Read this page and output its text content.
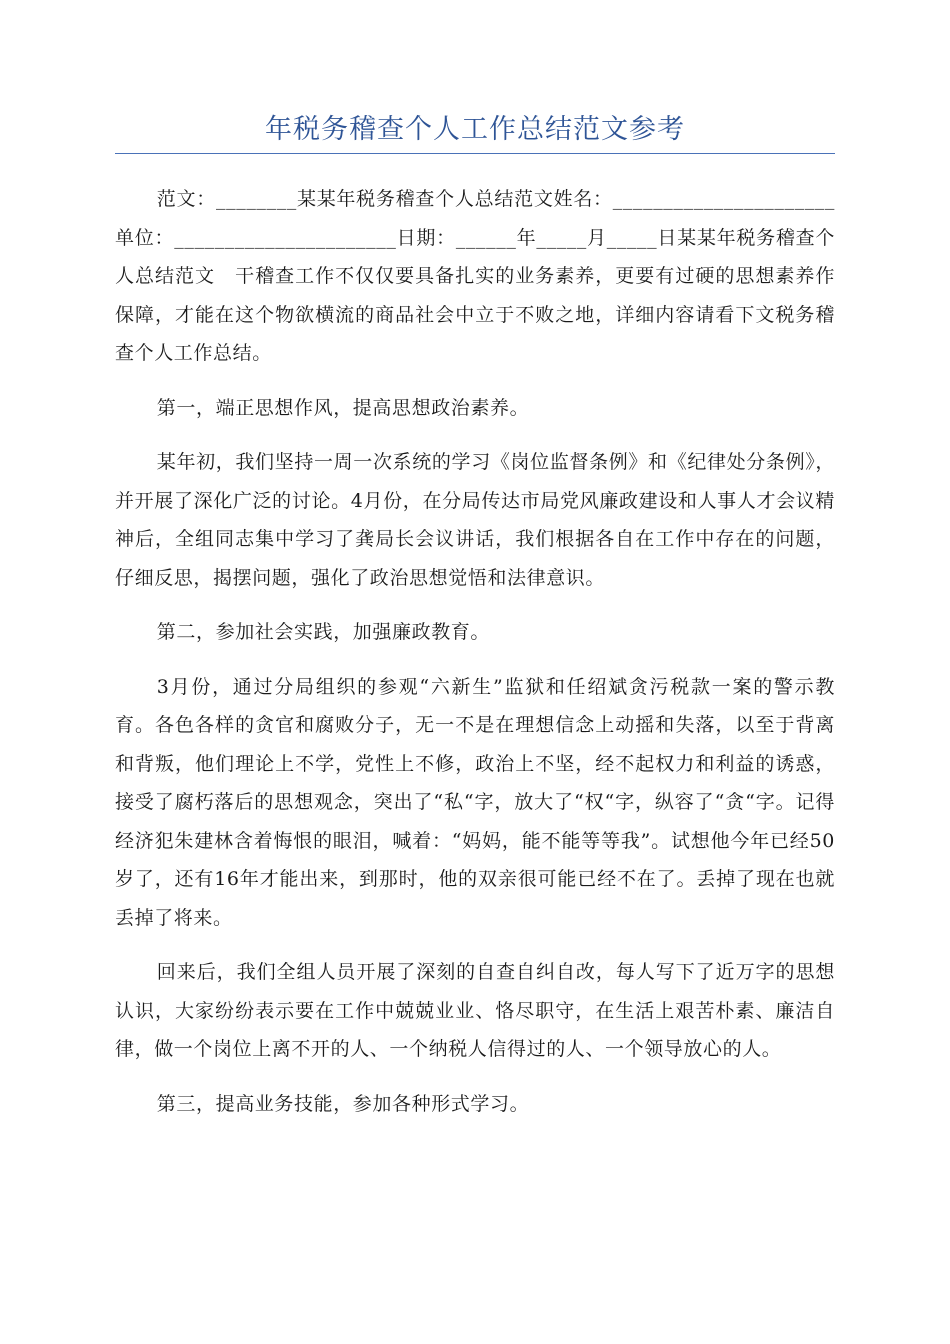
年税务稽查个人工作总结范文参考

范文：________某某年税务稽查个人总结范文姓名：______________________单位：______________________日期：______年_____月_____日某某年税务稽查个人总结范文　干稽查工作不仅仅要具备扎实的业务素养，更要有过硬的思想素养作保障，才能在这个物欲横流的商品社会中立于不败之地，详细内容请看下文税务稽查个人工作总结。

第一，端正思想作风，提高思想政治素养。

某年初，我们坚持一周一次系统的学习《岗位监督条例》和《纪律处分条例》，并开展了深化广泛的讨论。4月份，在分局传达市局党风廉政建设和人事人才会议精神后，全组同志集中学习了龚局长会议讲话，我们根据各自在工作中存在的问题，仔细反思，揭摆问题，强化了政治思想觉悟和法律意识。

第二，参加社会实践，加强廉政教育。

3月份，通过分局组织的参观“六新生”监狱和任绍斌贪污税款一案的警示教育。各色各样的贪官和腐败分子，无一不是在理想信念上动摇和失落，以至于背离和背叛，他们理论上不学，党性上不修，政治上不坚，经不起权力和利益的诱惑，接受了腐朽落后的思想观念，突出了“私“字，放大了“权“字，纵容了“贪“字。记得经济犯朱建林含着悔恨的眼泪，喊着：“妈妈，能不能等等我”。试想他今年已经50岁了，还有16年才能出来，到那时，他的双亲很可能已经不在了。丢掉了现在也就丢掉了将来。

回来后，我们全组人员开展了深刻的自查自纠自改，每人写下了近万字的思想认识，大家纷纷表示要在工作中兢兢业业、恪尽职守，在生活上艰苦朴素、廉洁自律，做一个岗位上离不开的人、一个纳税人信得过的人、一个领导放心的人。

第三，提高业务技能，参加各种形式学习。
